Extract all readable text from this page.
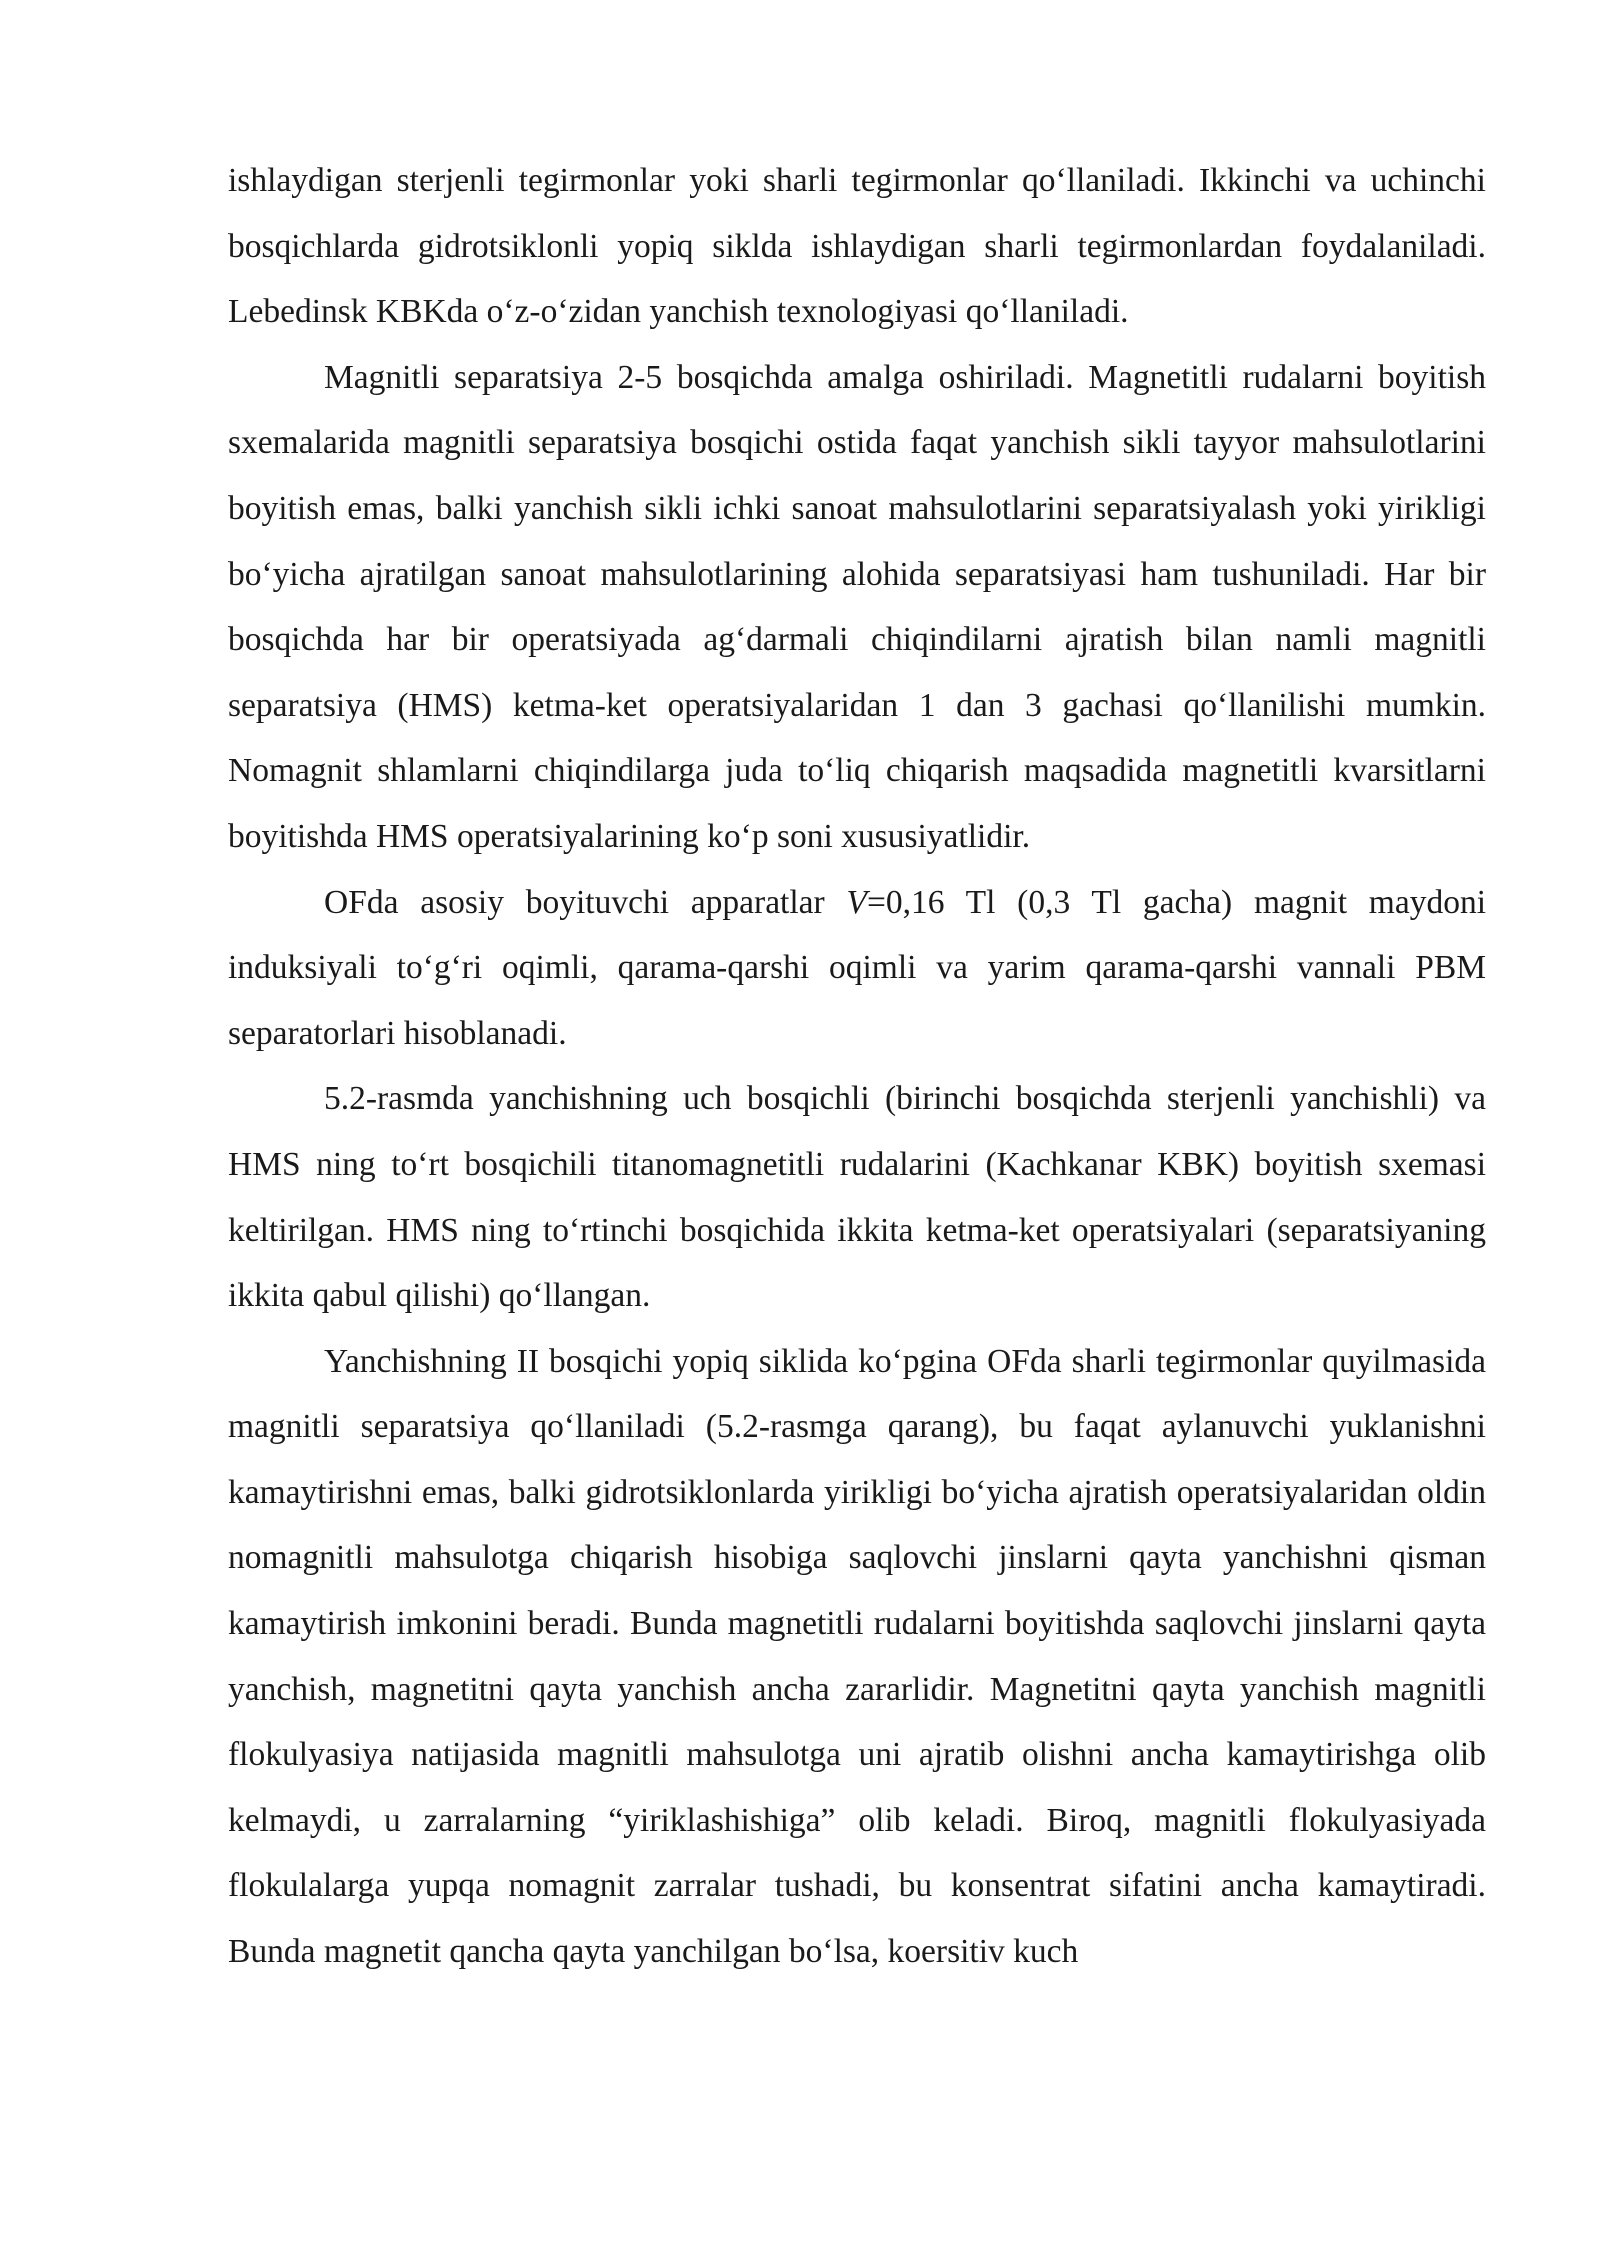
ishlaydigan sterjenli tegirmonlar yoki sharli tegirmonlar qo‘llaniladi. Ikkinchi va uchinchi bosqichlarda gidrotsiklonli yopiq siklda ishlaydigan sharli tegirmonlardan foydalaniladi. Lebedinsk KBKda o‘z-o‘zidan yanchish texnologiyasi qo‘llaniladi.

Magnitli separatsiya 2-5 bosqichda amalga oshiriladi. Magnetitli rudalarni boyitish sxemalarida magnitli separatsiya bosqichi ostida faqat yanchish sikli tayyor mahsulotlarini boyitish emas, balki yanchish sikli ichki sanoat mahsulotlarini separatsiyalash yoki yirikligi bo‘yicha ajratilgan sanoat mahsulotlarining alohida separatsiyasi ham tushuniladi. Har bir bosqichda har bir operatsiyada ag‘darmali chiqindilarni ajratish bilan namli magnitli separatsiya (HMS) ketma-ket operatsiyalaridan 1 dan 3 gachasi qo‘llanilishi mumkin. Nomagnit shlamlarni chiqindilarga juda to‘liq chiqarish maqsadida magnetitli kvarsitlarni boyitishda HMS operatsiyalarining ko‘p soni xususiyatlidir.

OFda asosiy boyituvchi apparatlar V=0,16 Tl (0,3 Tl gacha) magnit maydoni induksiyali to‘g‘ri oqimli, qarama-qarshi oqimli va yarim qarama-qarshi vannali PBM separatorlari hisoblanadi.

5.2-rasmda yanchishning uch bosqichli (birinchi bosqichda sterjenli yanchishli) va HMS ning to‘rt bosqichili titanomagnetitli rudalarini (Kachkanar KBK) boyitish sxemasi keltirilgan. HMS ning to‘rtinchi bosqichida ikkita ketma-ket operatsiyalari (separatsiyaning ikkita qabul qilishi) qo‘llangan.

Yanchishning II bosqichi yopiq siklida ko‘pgina OFda sharli tegirmonlar quyilmasida magnitli separatsiya qo‘llaniladi (5.2-rasmga qarang), bu faqat aylanuvchi yuklanishni kamaytirishni emas, balki gidrotsiklonlarda yirikligi bo‘yicha ajratish operatsiyalaridan oldin nomagnitli mahsulotga chiqarish hisobiga saqlovchi jinslarni qayta yanchishni qisman kamaytirish imkonini beradi. Bunda magnetitli rudalarni boyitishda saqlovchi jinslarni qayta yanchish, magnetitni qayta yanchish ancha zararlidir. Magnetitni qayta yanchish magnitli flokulyasiya natijasida magnitli mahsulotga uni ajratib olishni ancha kamaytirishga olib kelmaydi, u zarralarning “yiriklashishiga” olib keladi. Biroq, magnitli flokulyasiyada flokulalarga yupqa nomagnit zarralar tushadi, bu konsentrat sifatini ancha kamaytiradi. Bunda magnetit qancha qayta yanchilgan bo‘lsa, koersitiv kuch
